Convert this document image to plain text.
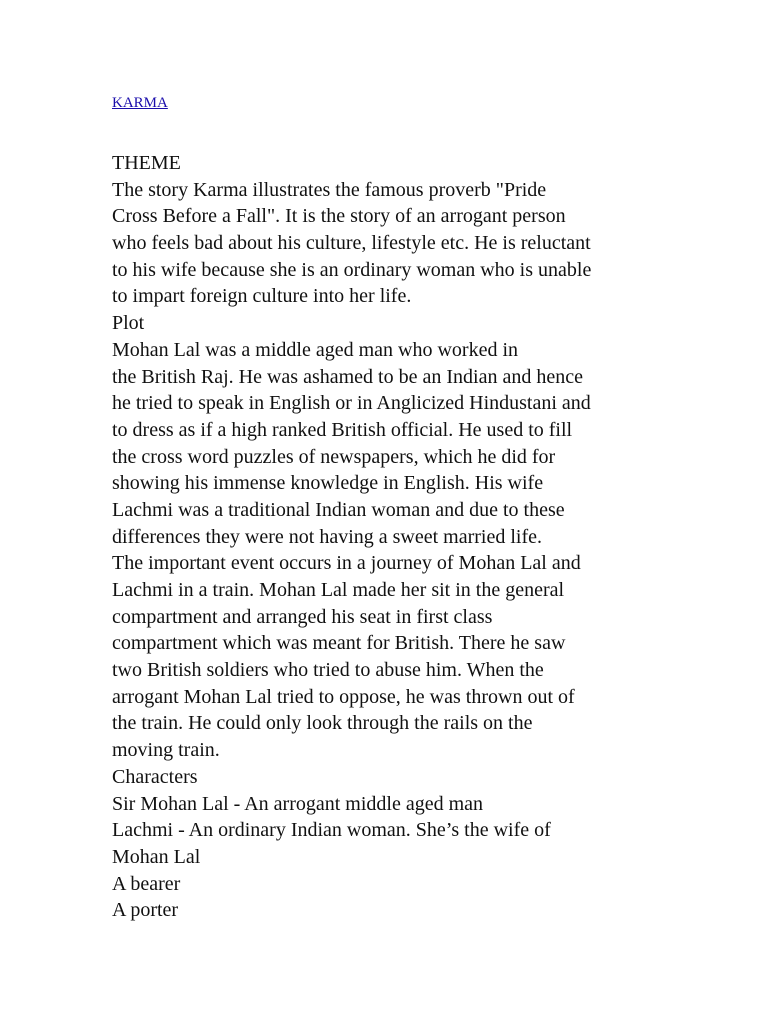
KARMA
THEME
The story Karma illustrates the famous proverb "Pride
Cross Before a Fall". It is the story of an arrogant person
who feels bad about his culture, lifestyle etc. He is reluctant
to his wife because she is an ordinary woman who is unable
to impart foreign culture into her life.
Plot
Mohan Lal was a middle aged man who worked in
the British Raj. He was ashamed to be an Indian and hence
he tried to speak in English or in Anglicized Hindustani and
to dress as if a high ranked British official. He used to fill
the cross word puzzles of newspapers, which he did for
showing his immense knowledge in English. His wife
Lachmi was a traditional Indian woman and due to these
differences they were not having a sweet married life.
The important event occurs in a journey of Mohan Lal and
Lachmi in a train. Mohan Lal made her sit in the general
compartment and arranged his seat in first class
compartment which was meant for British. There he saw
two British soldiers who tried to abuse him. When the
arrogant Mohan Lal tried to oppose, he was thrown out of
the train. He could only look through the rails on the
moving train.
Characters
Sir Mohan Lal - An arrogant middle aged man
Lachmi - An ordinary Indian woman. She’s the wife of
Mohan Lal
A bearer
A porter
